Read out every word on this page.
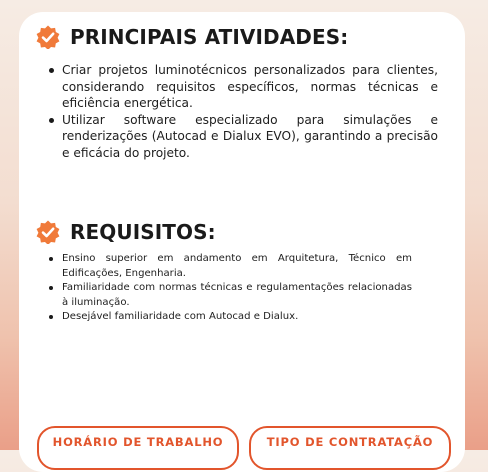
PRINCIPAIS ATIVIDADES:
Criar projetos luminotécnicos personalizados para clientes, considerando requisitos específicos, normas técnicas e eficiência energética.
Utilizar software especializado para simulações e renderizações (Autocad e Dialux EVO), garantindo a precisão e eficácia do projeto.
REQUISITOS:
Ensino superior em andamento em Arquitetura, Técnico em Edificações, Engenharia.
Familiaridade com normas técnicas e regulamentações relacionadas à iluminação.
Desejável familiaridade com Autocad e Dialux.
HORÁRIO DE TRABALHO	TIPO DE CONTRATAÇÃO
